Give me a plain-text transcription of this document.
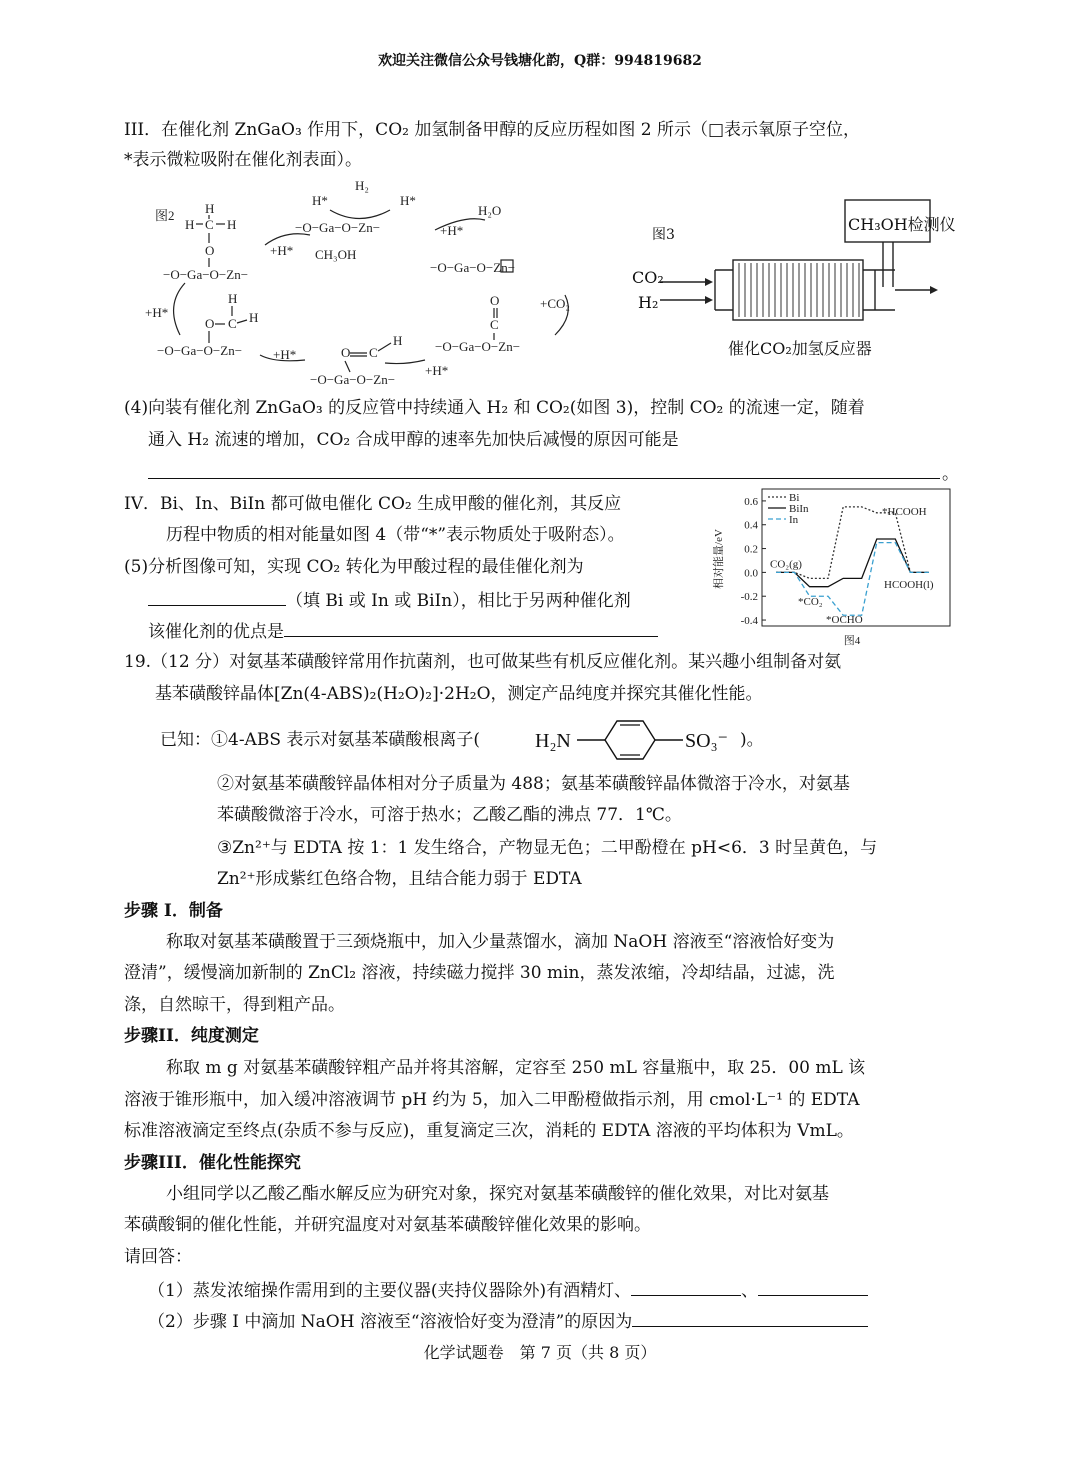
欢迎关注微信公众号钱塘化韵，Q群：994819682
III．在催化剂 ZnGaO₃ 作用下，CO₂ 加氢制备甲醇的反应历程如图 2 所示（□表示氧原子空位，
*表示微粒吸附在催化剂表面）。
图2 H
H C H
O
−O−Ga−O−Zn−
H₂
H*	H*
−O−Ga−O−Zn−
+H* CH₃OH
H₂O
+H*
−O−Ga−O−Zn−
O
C
+CO₂
−O−Ga−O−Zn−
H
O C
−O−Ga−O−Zn−
+H*
+H*
H
O C H
−O−Ga−O−Zn−
+H*
图3
CH₃OH检测仪
CO₂
H₂
催化CO₂加氢反应器
(4)向装有催化剂 ZnGaO₃ 的反应管中持续通入 H₂ 和 CO₂(如图 3)，控制 CO₂ 的流速一定，随着
通入 H₂ 流速的增加，CO₂ 合成甲醇的速率先加快后减慢的原因可能是
。
IV．Bi、In、BiIn 都可做电催化 CO₂ 生成甲酸的催化剂，其反应
历程中物质的相对能量如图 4（带“*”表示物质处于吸附态）。
(5)分析图像可知，实现 CO₂ 转化为甲酸过程的最佳催化剂为
（填 Bi 或 In 或 BiIn），相比于另两种催化剂
该催化剂的优点是
0.6
0.4
0.2
0.0
-0.2
-0.4
Bi
BiIn
In
*HCOOH
CO₂(g)
HCOOH(l)
*CO₂
*OCHO
相对能量/eV
图4
19.（12 分）对氨基苯磺酸锌常用作抗菌剂，也可做某些有机反应催化剂。某兴趣小组制备对氨
基苯磺酸锌晶体[Zn(4-ABS)₂(H₂O)₂]·2H₂O，测定产品纯度并探究其催化性能。
已知：①4-ABS 表示对氨基苯磺酸根离子(	H₂N	SO₃⁻ )。
②对氨基苯磺酸锌晶体相对分子质量为 488；氨基苯磺酸锌晶体微溶于冷水，对氨基
苯磺酸微溶于冷水，可溶于热水；乙酸乙酯的沸点 77．1℃。
③Zn²⁺与 EDTA 按 1：1 发生络合，产物显无色；二甲酚橙在 pH<6．3 时呈黄色，与
Zn²⁺形成紫红色络合物，且结合能力弱于 EDTA
步骤 I．制备
称取对氨基苯磺酸置于三颈烧瓶中，加入少量蒸馏水，滴加 NaOH 溶液至“溶液恰好变为
澄清”，缓慢滴加新制的 ZnCl₂ 溶液，持续磁力搅拌 30 min，蒸发浓缩，冷却结晶，过滤，洗
涤，自然晾干，得到粗产品。
步骤II．纯度测定
称取 m g 对氨基苯磺酸锌粗产品并将其溶解，定容至 250 mL 容量瓶中，取 25．00 mL 该
溶液于锥形瓶中，加入缓冲溶液调节 pH 约为 5，加入二甲酚橙做指示剂，用 cmol·L⁻¹ 的 EDTA
标准溶液滴定至终点(杂质不参与反应)，重复滴定三次，消耗的 EDTA 溶液的平均体积为 VmL。
步骤III．催化性能探究
小组同学以乙酸乙酯水解反应为研究对象，探究对氨基苯磺酸锌的催化效果，对比对氨基
苯磺酸铜的催化性能，并研究温度对对氨基苯磺酸锌催化效果的影响。
请回答：
（1）蒸发浓缩操作需用到的主要仪器(夹持仪器除外)有酒精灯、	、
（2）步骤 I 中滴加 NaOH 溶液至“溶液恰好变为澄清”的原因为
化学试题卷　第 7 页（共 8 页）
